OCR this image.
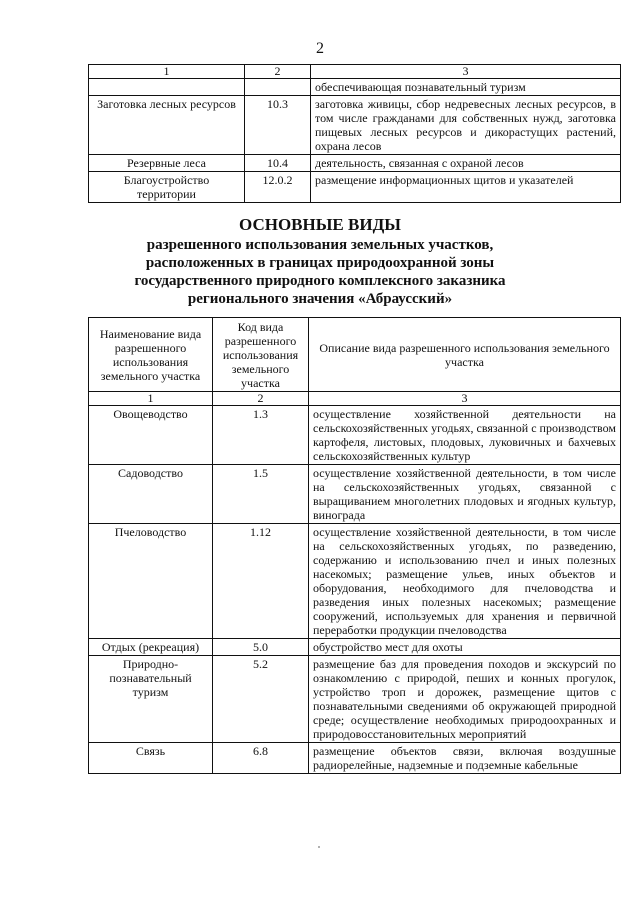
2
1	2	3
		обеспечивающая познавательный туризм
Заготовка лесных ресурсов	10.3	заготовка живицы, сбор недревесных лесных ресурсов, в том числе гражданами для собственных нужд, заготовка пищевых лесных ресурсов и дикорастущих растений, охрана лесов
Резервные леса	10.4	деятельность, связанная с охраной лесов
Благоустройство территории	12.0.2	размещение информационных щитов и указателей
ОСНОВНЫЕ ВИДЫ
разрешенного использования земельных участков,
расположенных в границах природоохранной зоны
государственного природного комплексного заказника
регионального значения «Абраусский»
Наименование вида разрешенного использования земельного участка	Код вида разрешенного использования земельного участка	Описание вида разрешенного использования земельного участка
1	2	3
Овощеводство	1.3	осуществление хозяйственной деятельности на сельскохозяйственных угодьях, связанной с производством картофеля, листовых, плодовых, луковичных и бахчевых сельскохозяйственных культур
Садоводство	1.5	осуществление хозяйственной деятельности, в том числе на сельскохозяйственных угодьях, связанной с выращиванием многолетних плодовых и ягодных культур, винограда
Пчеловодство	1.12	осуществление хозяйственной деятельности, в том числе на сельскохозяйственных угодьях, по разведению, содержанию и использованию пчел и иных полезных насекомых; размещение ульев, иных объектов и оборудования, необходимого для пчеловодства и разведения иных полезных насекомых; размещение сооружений, используемых для хранения и первичной переработки продукции пчеловодства
Отдых (рекреация)	5.0	обустройство мест для охоты
Природно-познавательный туризм	5.2	размещение баз для проведения походов и экскурсий по ознакомлению с природой, пеших и конных прогулок, устройство троп и дорожек, размещение щитов с познавательными сведениями об окружающей природной среде; осуществление необходимых природоохранных и природовосстановительных мероприятий
Связь	6.8	размещение объектов связи, включая воздушные радиорелейные, надземные и подземные кабельные
